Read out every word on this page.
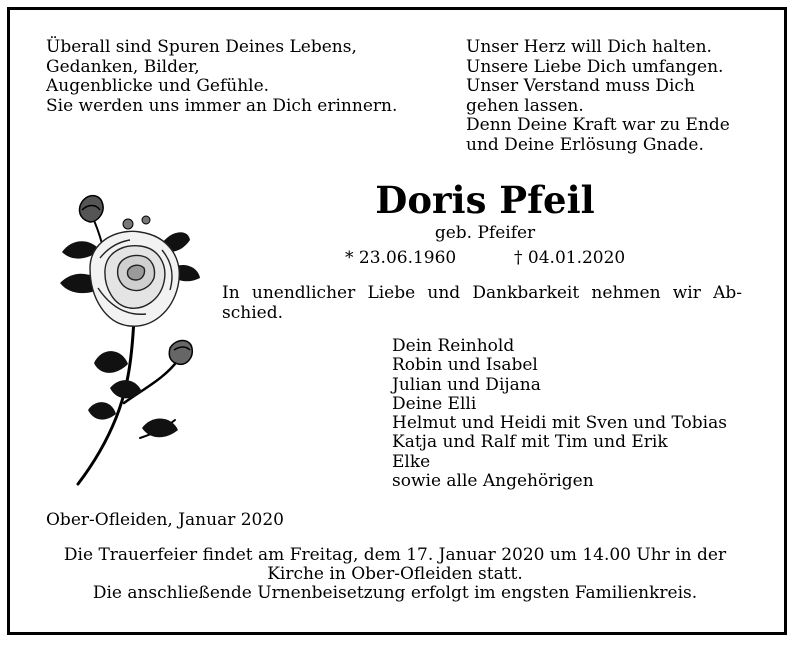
Überall sind Spuren Deines Lebens,
Gedanken, Bilder,
Augenblicke und Gefühle.
Sie werden uns immer an Dich erinnern.
Unser Herz will Dich halten.
Unsere Liebe Dich umfangen.
Unser Verstand muss Dich
gehen lassen.
Denn Deine Kraft war zu Ende
und Deine Erlösung Gnade.
Doris Pfeil
geb. Pfeifer
* 23.06.1960	† 04.01.2020
In unendlicher Liebe und Dankbarkeit nehmen wir Ab-
schied.
Dein Reinhold
Robin und Isabel
Julian und Dijana
Deine Elli
Helmut und Heidi mit Sven und Tobias
Katja und Ralf mit Tim und Erik
Elke
sowie alle Angehörigen
Ober-Ofleiden, Januar 2020
Die Trauerfeier findet am Freitag, dem 17. Januar 2020 um 14.00 Uhr in der
Kirche in Ober-Ofleiden statt.
Die anschließende Urnenbeisetzung erfolgt im engsten Familienkreis.
